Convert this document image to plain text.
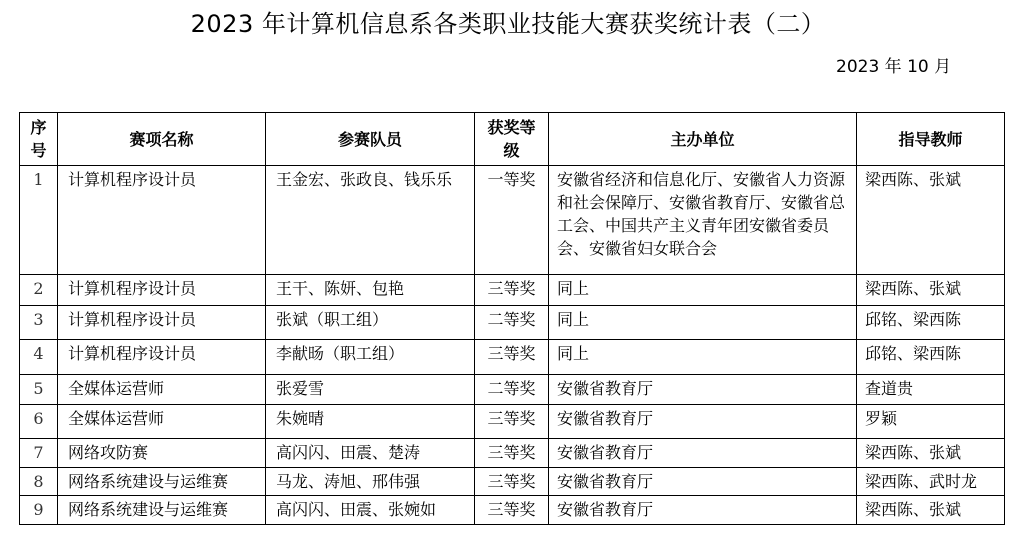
2023 年计算机信息系各类职业技能大赛获奖统计表（二）
2023 年 10 月
序号	赛项名称	参赛队员	获奖等级	主办单位	指导教师
1	计算机程序设计员	王金宏、张政良、钱乐乐	一等奖	安徽省经济和信息化厅、安徽省人力资源和社会保障厅、安徽省教育厅、安徽省总工会、中国共产主义青年团安徽省委员会、安徽省妇女联合会	梁西陈、张斌
2	计算机程序设计员	王干、陈妍、包艳	三等奖	同上	梁西陈、张斌
3	计算机程序设计员	张斌（职工组）	二等奖	同上	邱铭、梁西陈
4	计算机程序设计员	李献旸（职工组）	三等奖	同上	邱铭、梁西陈
5	全媒体运营师	张爱雪	二等奖	安徽省教育厅	查道贵
6	全媒体运营师	朱婉晴	三等奖	安徽省教育厅	罗颖
7	网络攻防赛	高闪闪、田震、楚涛	三等奖	安徽省教育厅	梁西陈、张斌
8	网络系统建设与运维赛	马龙、涛旭、邢伟强	三等奖	安徽省教育厅	梁西陈、武时龙
9	网络系统建设与运维赛	高闪闪、田震、张婉如	三等奖	安徽省教育厅	梁西陈、张斌
